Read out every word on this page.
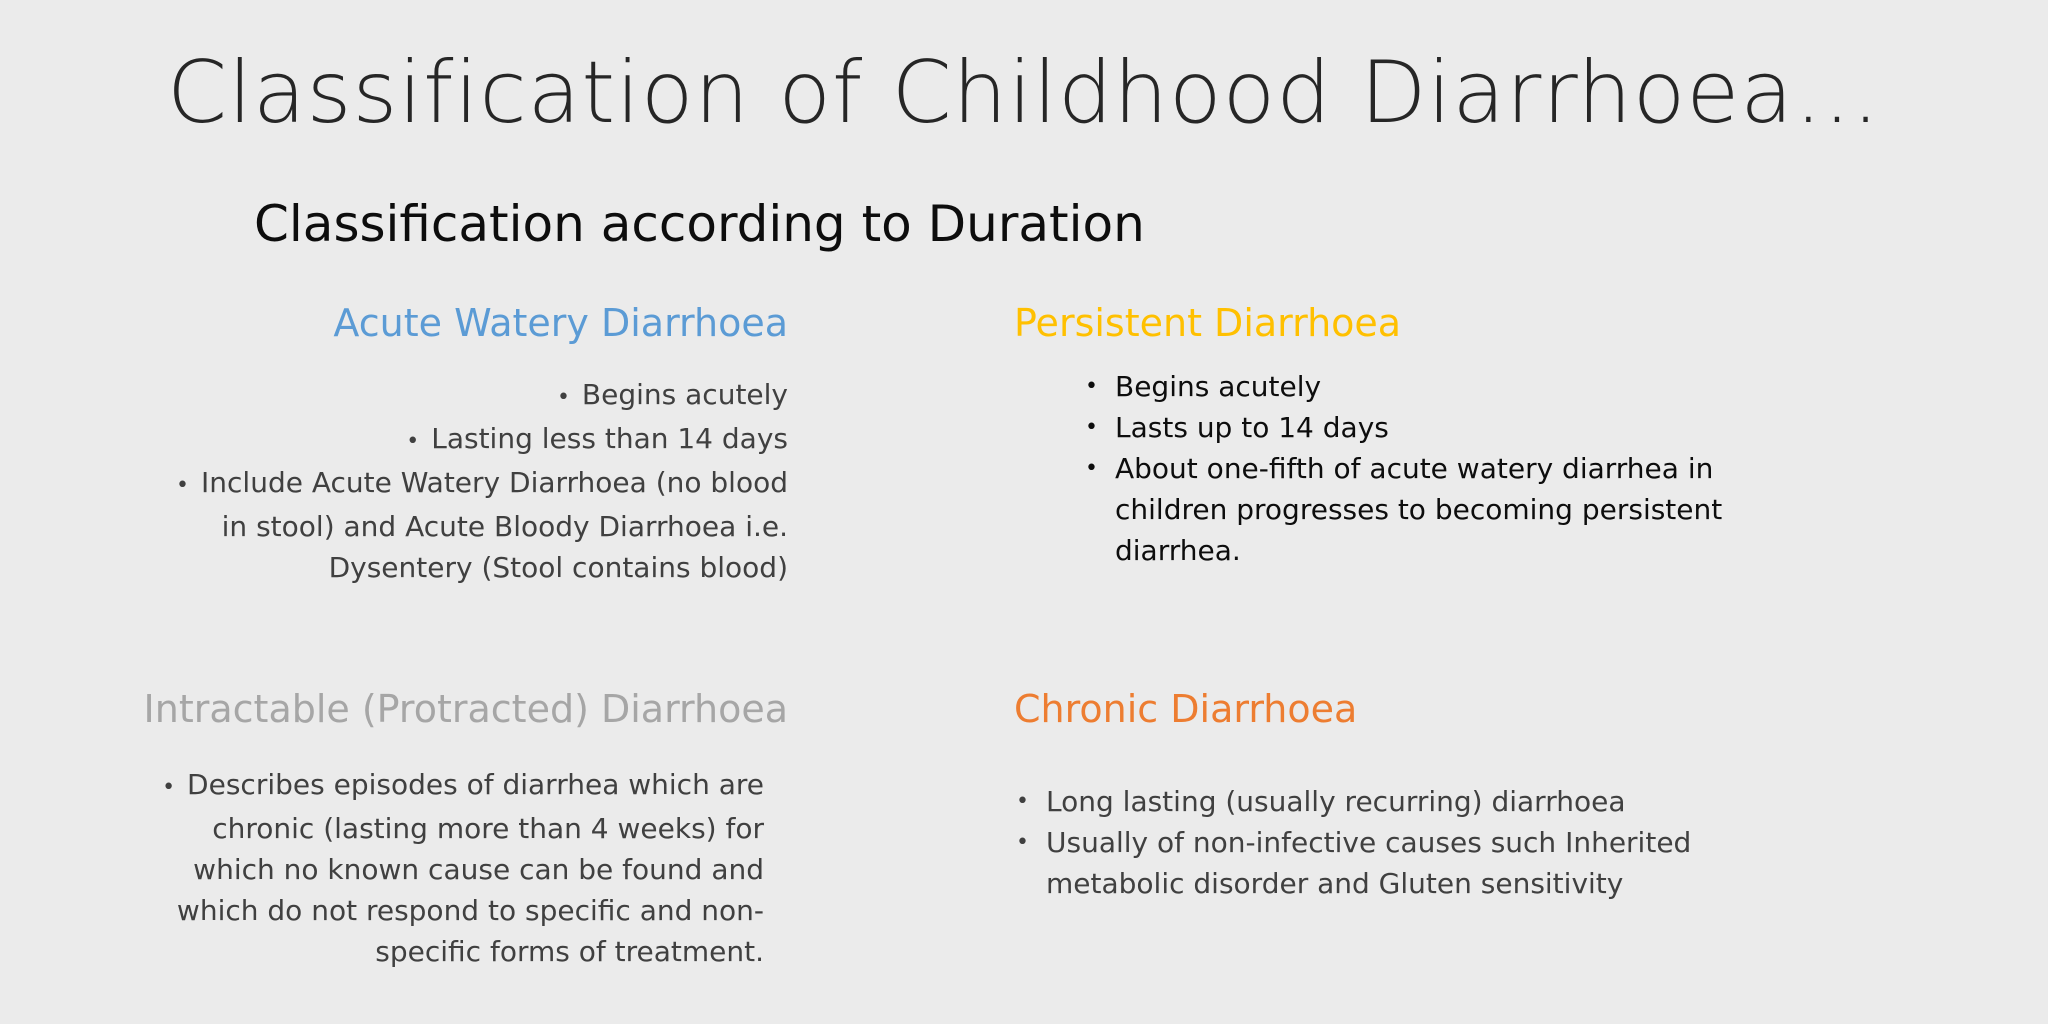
Classification of Childhood Diarrhoea…
Classification according to Duration
Acute Watery Diarrhoea
• Begins acutely
• Lasting less than 14 days
• Include Acute Watery Diarrhoea (no blood in stool) and Acute Bloody Diarrhoea i.e. Dysentery (Stool contains blood)
Persistent Diarrhoea
• Begins acutely
• Lasts up to 14 days
• About one-fifth of acute watery diarrhea in children progresses to becoming persistent diarrhea.
Intractable (Protracted) Diarrhoea
• Describes episodes of diarrhea which are chronic (lasting more than 4 weeks) for which no known cause can be found and which do not respond to specific and non-specific forms of treatment.
Chronic Diarrhoea
• Long lasting (usually recurring) diarrhoea
• Usually of non-infective causes such Inherited metabolic disorder and Gluten sensitivity
